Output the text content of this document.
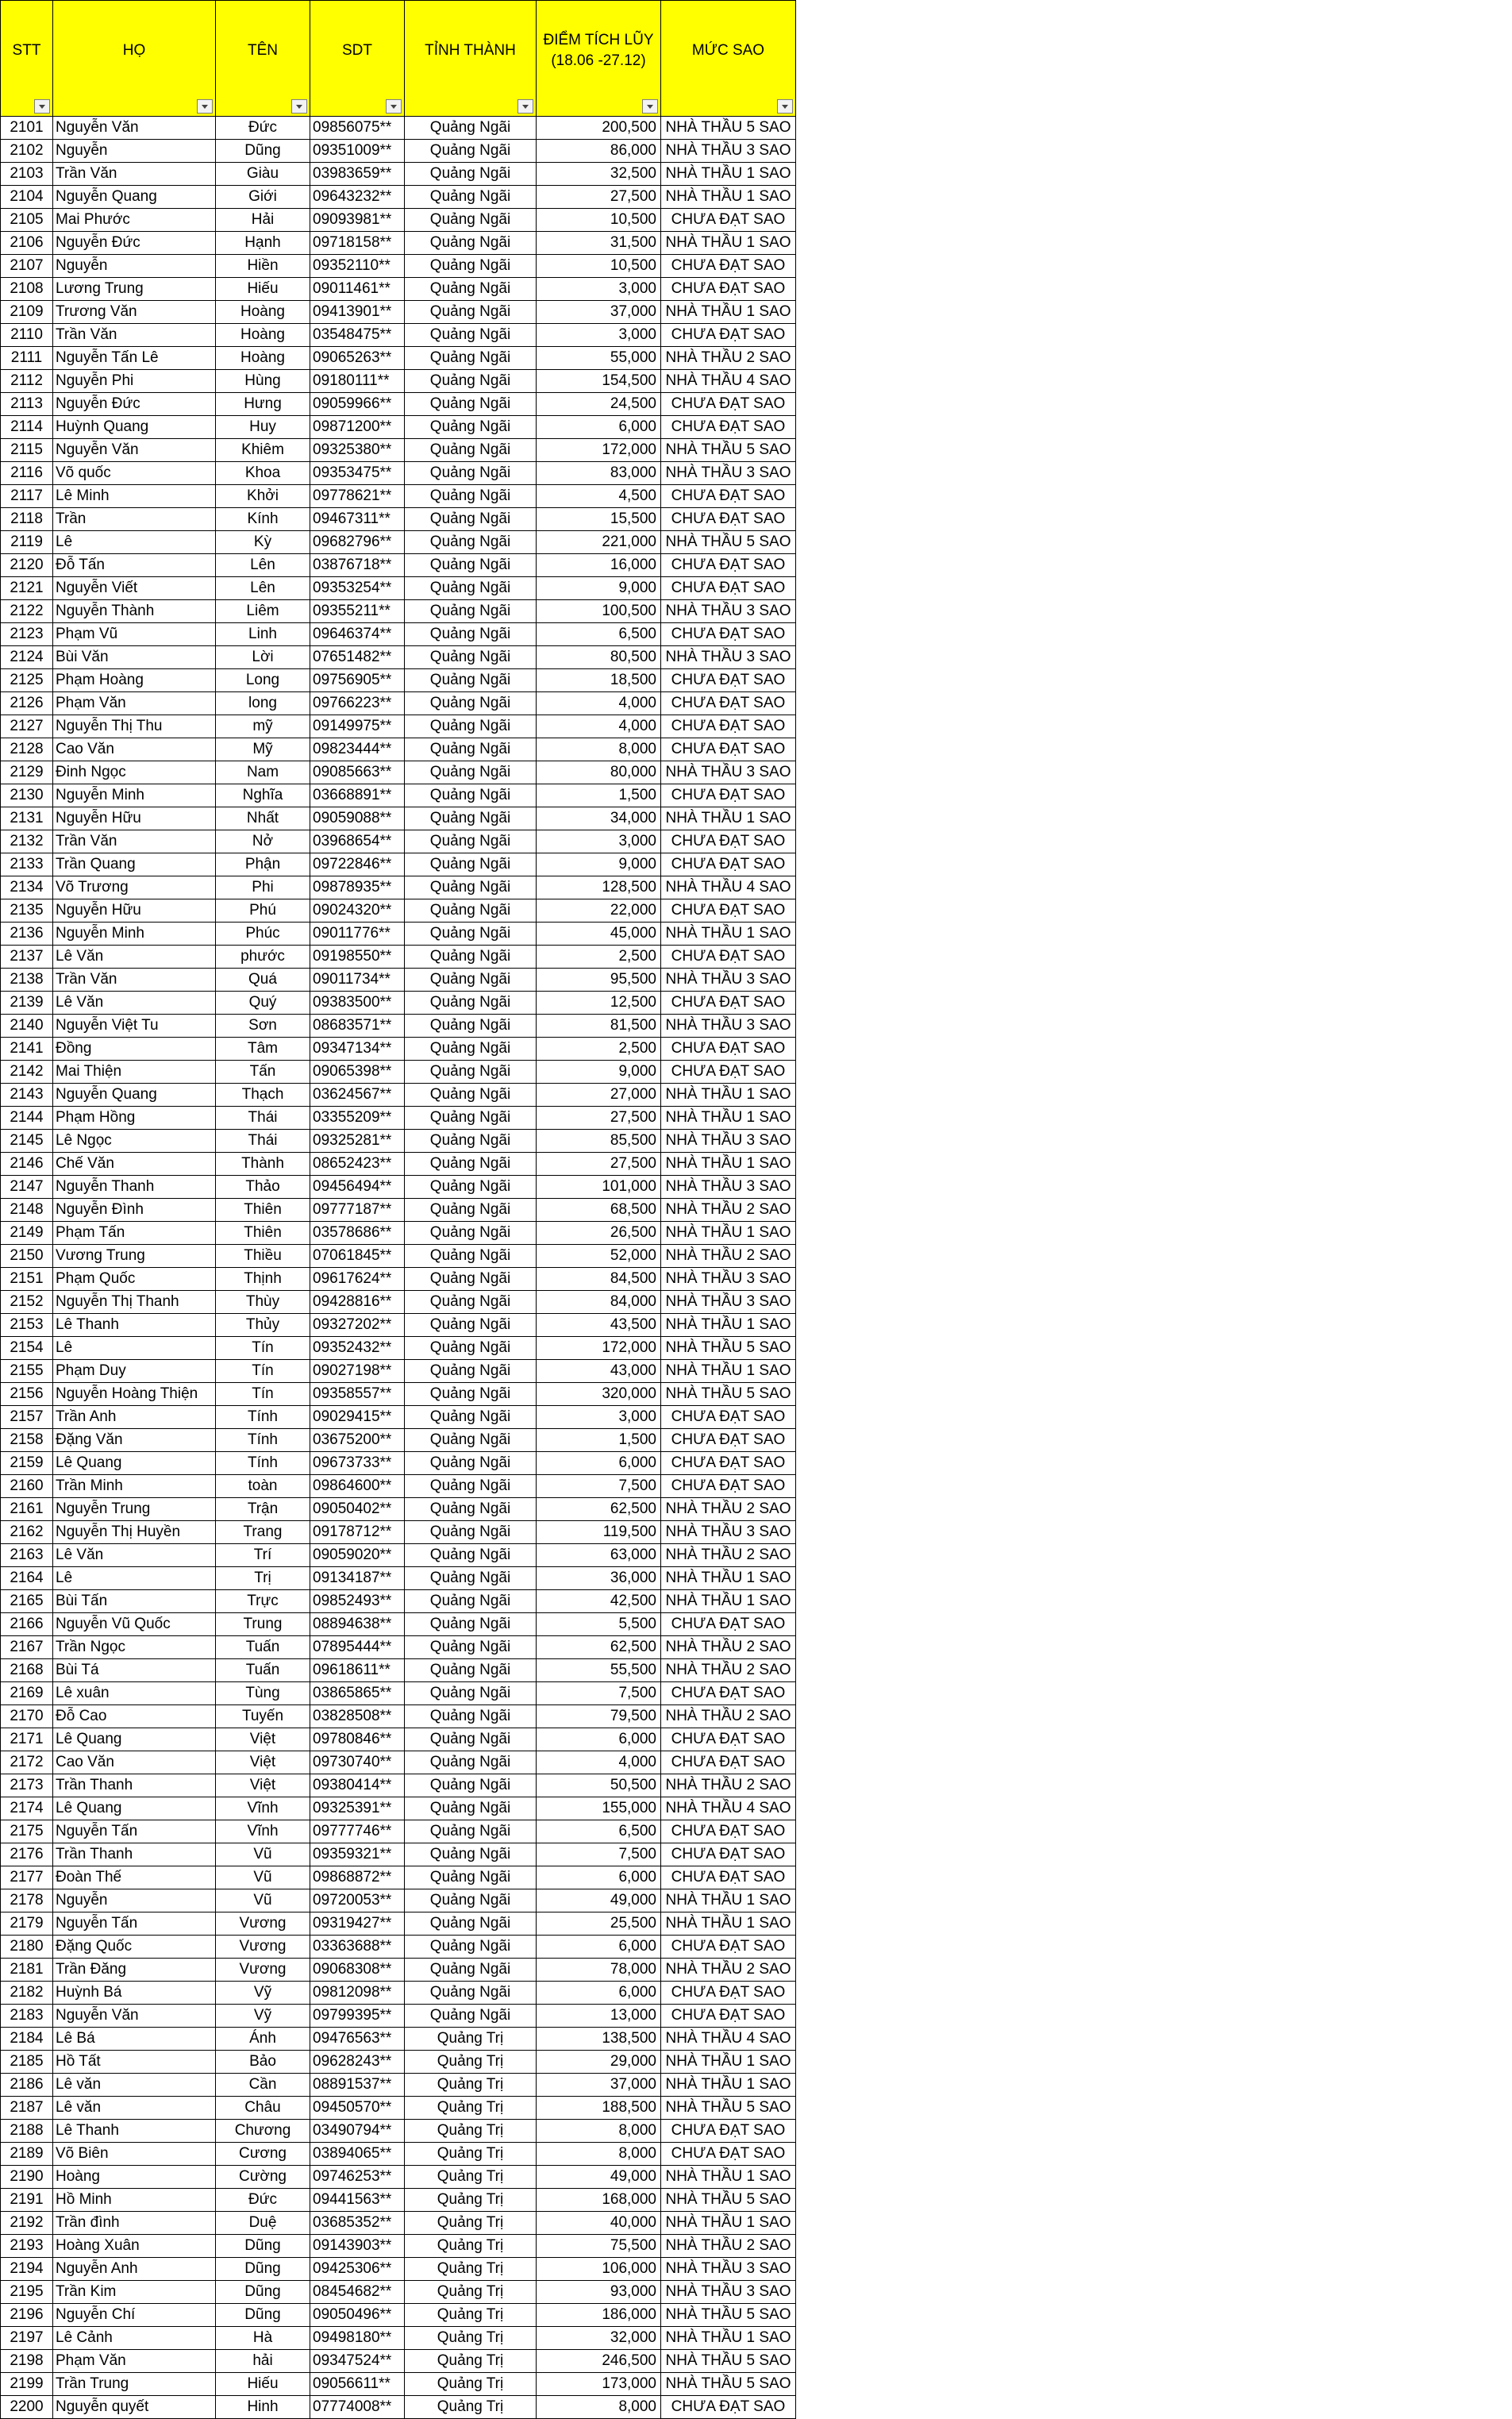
STT	HỌ	TÊN	SDT	TỈNH THÀNH	ĐIỂM TÍCH LŨY (18.06 -27.12)	MỨC SAO

2101	Nguyễn Văn	Đức	09856075**	Quảng Ngãi	200,500	NHÀ THẦU 5 SAO
2102	Nguyễn	Dũng	09351009**	Quảng Ngãi	86,000	NHÀ THẦU 3 SAO
2103	Trần Văn	Giàu	03983659**	Quảng Ngãi	32,500	NHÀ THẦU 1 SAO
2104	Nguyễn Quang	Giới	09643232**	Quảng Ngãi	27,500	NHÀ THẦU 1 SAO
2105	Mai Phước	Hải	09093981**	Quảng Ngãi	10,500	CHƯA ĐẠT SAO
2106	Nguyễn Đức	Hạnh	09718158**	Quảng Ngãi	31,500	NHÀ THẦU 1 SAO
2107	Nguyễn	Hiền	09352110**	Quảng Ngãi	10,500	CHƯA ĐẠT SAO
2108	Lương Trung	Hiếu	09011461**	Quảng Ngãi	3,000	CHƯA ĐẠT SAO
2109	Trương Văn	Hoàng	09413901**	Quảng Ngãi	37,000	NHÀ THẦU 1 SAO
2110	Trần Văn	Hoàng	03548475**	Quảng Ngãi	3,000	CHƯA ĐẠT SAO
2111	Nguyễn Tấn Lê	Hoàng	09065263**	Quảng Ngãi	55,000	NHÀ THẦU 2 SAO
2112	Nguyễn Phi	Hùng	09180111**	Quảng Ngãi	154,500	NHÀ THẦU 4 SAO
2113	Nguyễn Đức	Hưng	09059966**	Quảng Ngãi	24,500	CHƯA ĐẠT SAO
2114	Huỳnh Quang	Huy	09871200**	Quảng Ngãi	6,000	CHƯA ĐẠT SAO
2115	Nguyễn Văn	Khiêm	09325380**	Quảng Ngãi	172,000	NHÀ THẦU 5 SAO
2116	Võ quốc	Khoa	09353475**	Quảng Ngãi	83,000	NHÀ THẦU 3 SAO
2117	Lê Minh	Khởi	09778621**	Quảng Ngãi	4,500	CHƯA ĐẠT SAO
2118	Trần	Kính	09467311**	Quảng Ngãi	15,500	CHƯA ĐẠT SAO
2119	Lê	Kỳ	09682796**	Quảng Ngãi	221,000	NHÀ THẦU 5 SAO
2120	Đỗ Tấn	Lên	03876718**	Quảng Ngãi	16,000	CHƯA ĐẠT SAO
2121	Nguyễn Viết	Lên	09353254**	Quảng Ngãi	9,000	CHƯA ĐẠT SAO
2122	Nguyễn Thành	Liêm	09355211**	Quảng Ngãi	100,500	NHÀ THẦU 3 SAO
2123	Phạm Vũ	Linh	09646374**	Quảng Ngãi	6,500	CHƯA ĐẠT SAO
2124	Bùi Văn	Lời	07651482**	Quảng Ngãi	80,500	NHÀ THẦU 3 SAO
2125	Phạm Hoàng	Long	09756905**	Quảng Ngãi	18,500	CHƯA ĐẠT SAO
2126	Phạm Văn	long	09766223**	Quảng Ngãi	4,000	CHƯA ĐẠT SAO
2127	Nguyễn Thị Thu	mỹ	09149975**	Quảng Ngãi	4,000	CHƯA ĐẠT SAO
2128	Cao Văn	Mỹ	09823444**	Quảng Ngãi	8,000	CHƯA ĐẠT SAO
2129	Đinh Ngọc	Nam	09085663**	Quảng Ngãi	80,000	NHÀ THẦU 3 SAO
2130	Nguyễn Minh	Nghĩa	03668891**	Quảng Ngãi	1,500	CHƯA ĐẠT SAO
2131	Nguyễn Hữu	Nhất	09059088**	Quảng Ngãi	34,000	NHÀ THẦU 1 SAO
2132	Trần Văn	Nở	03968654**	Quảng Ngãi	3,000	CHƯA ĐẠT SAO
2133	Trần Quang	Phận	09722846**	Quảng Ngãi	9,000	CHƯA ĐẠT SAO
2134	Võ Trương	Phi	09878935**	Quảng Ngãi	128,500	NHÀ THẦU 4 SAO
2135	Nguyễn Hữu	Phú	09024320**	Quảng Ngãi	22,000	CHƯA ĐẠT SAO
2136	Nguyễn Minh	Phúc	09011776**	Quảng Ngãi	45,000	NHÀ THẦU 1 SAO
2137	Lê Văn	phước	09198550**	Quảng Ngãi	2,500	CHƯA ĐẠT SAO
2138	Trần Văn	Quá	09011734**	Quảng Ngãi	95,500	NHÀ THẦU 3 SAO
2139	Lê Văn	Quý	09383500**	Quảng Ngãi	12,500	CHƯA ĐẠT SAO
2140	Nguyễn Việt Tu	Sơn	08683571**	Quảng Ngãi	81,500	NHÀ THẦU 3 SAO
2141	Đồng	Tâm	09347134**	Quảng Ngãi	2,500	CHƯA ĐẠT SAO
2142	Mai Thiện	Tấn	09065398**	Quảng Ngãi	9,000	CHƯA ĐẠT SAO
2143	Nguyễn Quang	Thạch	03624567**	Quảng Ngãi	27,000	NHÀ THẦU 1 SAO
2144	Phạm Hồng	Thái	03355209**	Quảng Ngãi	27,500	NHÀ THẦU 1 SAO
2145	Lê Ngọc	Thái	09325281**	Quảng Ngãi	85,500	NHÀ THẦU 3 SAO
2146	Chế Văn	Thành	08652423**	Quảng Ngãi	27,500	NHÀ THẦU 1 SAO
2147	Nguyễn Thanh	Thảo	09456494**	Quảng Ngãi	101,000	NHÀ THẦU 3 SAO
2148	Nguyễn Đình	Thiên	09777187**	Quảng Ngãi	68,500	NHÀ THẦU 2 SAO
2149	Phạm Tấn	Thiên	03578686**	Quảng Ngãi	26,500	NHÀ THẦU 1 SAO
2150	Vương Trung	Thiều	07061845**	Quảng Ngãi	52,000	NHÀ THẦU 2 SAO
2151	Phạm Quốc	Thịnh	09617624**	Quảng Ngãi	84,500	NHÀ THẦU 3 SAO
2152	Nguyễn Thị Thanh	Thùy	09428816**	Quảng Ngãi	84,000	NHÀ THẦU 3 SAO
2153	Lê Thanh	Thủy	09327202**	Quảng Ngãi	43,500	NHÀ THẦU 1 SAO
2154	Lê	Tín	09352432**	Quảng Ngãi	172,000	NHÀ THẦU 5 SAO
2155	Phạm Duy	Tín	09027198**	Quảng Ngãi	43,000	NHÀ THẦU 1 SAO
2156	Nguyễn Hoàng Thiện	Tín	09358557**	Quảng Ngãi	320,000	NHÀ THẦU 5 SAO
2157	Trần Anh	Tính	09029415**	Quảng Ngãi	3,000	CHƯA ĐẠT SAO
2158	Đặng Văn	Tính	03675200**	Quảng Ngãi	1,500	CHƯA ĐẠT SAO
2159	Lê Quang	Tính	09673733**	Quảng Ngãi	6,000	CHƯA ĐẠT SAO
2160	Trần Minh	toàn	09864600**	Quảng Ngãi	7,500	CHƯA ĐẠT SAO
2161	Nguyễn Trung	Trận	09050402**	Quảng Ngãi	62,500	NHÀ THẦU 2 SAO
2162	Nguyễn Thị Huyền	Trang	09178712**	Quảng Ngãi	119,500	NHÀ THẦU 3 SAO
2163	Lê Văn	Trí	09059020**	Quảng Ngãi	63,000	NHÀ THẦU 2 SAO
2164	Lê	Trị	09134187**	Quảng Ngãi	36,000	NHÀ THẦU 1 SAO
2165	Bùi Tấn	Trực	09852493**	Quảng Ngãi	42,500	NHÀ THẦU 1 SAO
2166	Nguyễn Vũ Quốc	Trung	08894638**	Quảng Ngãi	5,500	CHƯA ĐẠT SAO
2167	Trần Ngọc	Tuấn	07895444**	Quảng Ngãi	62,500	NHÀ THẦU 2 SAO
2168	Bùi Tá	Tuấn	09618611**	Quảng Ngãi	55,500	NHÀ THẦU 2 SAO
2169	Lê xuân	Tùng	03865865**	Quảng Ngãi	7,500	CHƯA ĐẠT SAO
2170	Đỗ Cao	Tuyến	03828508**	Quảng Ngãi	79,500	NHÀ THẦU 2 SAO
2171	Lê Quang	Việt	09780846**	Quảng Ngãi	6,000	CHƯA ĐẠT SAO
2172	Cao Văn	Việt	09730740**	Quảng Ngãi	4,000	CHƯA ĐẠT SAO
2173	Trần Thanh	Việt	09380414**	Quảng Ngãi	50,500	NHÀ THẦU 2 SAO
2174	Lê Quang	Vĩnh	09325391**	Quảng Ngãi	155,000	NHÀ THẦU 4 SAO
2175	Nguyễn Tấn	Vĩnh	09777746**	Quảng Ngãi	6,500	CHƯA ĐẠT SAO
2176	Trần Thanh	Vũ	09359321**	Quảng Ngãi	7,500	CHƯA ĐẠT SAO
2177	Đoàn Thế	Vũ	09868872**	Quảng Ngãi	6,000	CHƯA ĐẠT SAO
2178	Nguyễn	Vũ	09720053**	Quảng Ngãi	49,000	NHÀ THẦU 1 SAO
2179	Nguyễn Tấn	Vương	09319427**	Quảng Ngãi	25,500	NHÀ THẦU 1 SAO
2180	Đặng Quốc	Vương	03363688**	Quảng Ngãi	6,000	CHƯA ĐẠT SAO
2181	Trần Đăng	Vương	09068308**	Quảng Ngãi	78,000	NHÀ THẦU 2 SAO
2182	Huỳnh Bá	Vỹ	09812098**	Quảng Ngãi	6,000	CHƯA ĐẠT SAO
2183	Nguyễn Văn	Vỹ	09799395**	Quảng Ngãi	13,000	CHƯA ĐẠT SAO
2184	Lê Bá	Ánh	09476563**	Quảng Trị	138,500	NHÀ THẦU 4 SAO
2185	Hồ Tất	Bảo	09628243**	Quảng Trị	29,000	NHÀ THẦU 1 SAO
2186	Lê văn	Cần	08891537**	Quảng Trị	37,000	NHÀ THẦU 1 SAO
2187	Lê văn	Châu	09450570**	Quảng Trị	188,500	NHÀ THẦU 5 SAO
2188	Lê Thanh	Chương	03490794**	Quảng Trị	8,000	CHƯA ĐẠT SAO
2189	Võ Biên	Cương	03894065**	Quảng Trị	8,000	CHƯA ĐẠT SAO
2190	Hoàng	Cường	09746253**	Quảng Trị	49,000	NHÀ THẦU 1 SAO
2191	Hồ Minh	Đức	09441563**	Quảng Trị	168,000	NHÀ THẦU 5 SAO
2192	Trần đình	Duệ	03685352**	Quảng Trị	40,000	NHÀ THẦU 1 SAO
2193	Hoàng Xuân	Dũng	09143903**	Quảng Trị	75,500	NHÀ THẦU 2 SAO
2194	Nguyễn Anh	Dũng	09425306**	Quảng Trị	106,000	NHÀ THẦU 3 SAO
2195	Trần Kim	Dũng	08454682**	Quảng Trị	93,000	NHÀ THẦU 3 SAO
2196	Nguyễn Chí	Dũng	09050496**	Quảng Trị	186,000	NHÀ THẦU 5 SAO
2197	Lê Cảnh	Hà	09498180**	Quảng Trị	32,000	NHÀ THẦU 1 SAO
2198	Phạm Văn	hải	09347524**	Quảng Trị	246,500	NHÀ THẦU 5 SAO
2199	Trần Trung	Hiếu	09056611**	Quảng Trị	173,000	NHÀ THẦU 5 SAO
2200	Nguyễn quyết	Hinh	07774008**	Quảng Trị	8,000	CHƯA ĐẠT SAO
